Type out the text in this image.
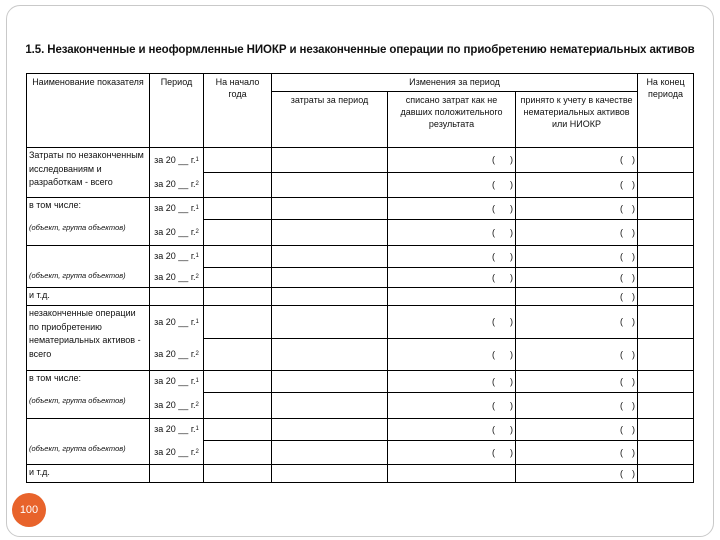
1.5. Незаконченные и неоформленные НИОКР и незаконченные операции по приобретению нематериальных активов
Наименование показателя	Период	На начало года	Изменения за период			На конец периода
			затраты за период	списано затрат как не давших положительного результата	принято к учету в качестве нематериальных активов или НИОКР	
Затраты по незаконченным исследованиям и разработкам - всего	за 20 __ г.$^1$			( )	( )	

	за 20 __ г.$^2$			( )	( )	

в том числе:	за 20 __ г.$^1$			( )	( )	

(объект, группа объектов)	за 20 __ г.$^2$			( )	( )	

	за 20 __ г.$^1$			( )	( )	

(объект, группа объектов)	за 20 __ г.$^2$			( )	( )	

и т.д.					( )	

незаконченные операции по приобретению нематериальных активов - всего	за 20 __ г.$^1$			( )	( )	

	за 20 __ г.$^2$			( )	( )	

в том числе:	за 20 __ г.$^1$			( )	( )	

(объект, группа объектов)	за 20 __ г.$^2$			( )	( )	

	за 20 __ г.$^1$			( )	( )	

(объект, группа объектов)	за 20 __ г.$^2$			( )	( )	

и т.д.					( )	

100
